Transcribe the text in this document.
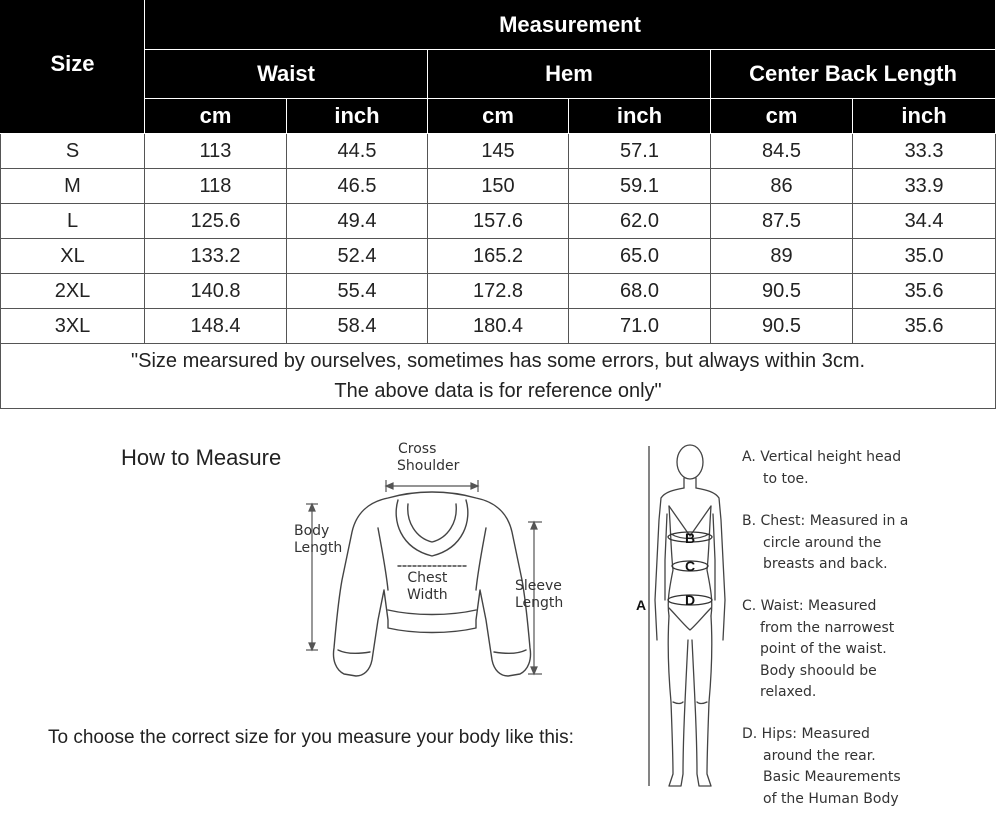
Size	Measurement					
	Waist		Hem		Center Back Length	
	cm	inch	cm	inch	cm	inch
S	113	44.5	145	57.1	84.5	33.3
M	118	46.5	150	59.1	86	33.9
L	125.6	49.4	157.6	62.0	87.5	34.4
XL	133.2	52.4	165.2	65.0	89	35.0
2XL	140.8	55.4	172.8	68.0	90.5	35.6
3XL	148.4	58.4	180.4	71.0	90.5	35.6

"Size mearsured by ourselves, sometimes has some errors, but always within 3cm.
The above data is for reference only"						
How to Measure	Cross
Shoulder
Body
Length
Chest
Width
Sleeve
Length
To choose the correct size for you measure your body like this:
B
C
D
A
A. Vertical height head
to toe.
B. Chest: Measured in a
circle around the
breasts and back.
C. Waist: Measured
from the narrowest
point of the waist.
Body shoould be
relaxed.
D. Hips: Measured
around the rear.
Basic Meaurements
of the Human Body
